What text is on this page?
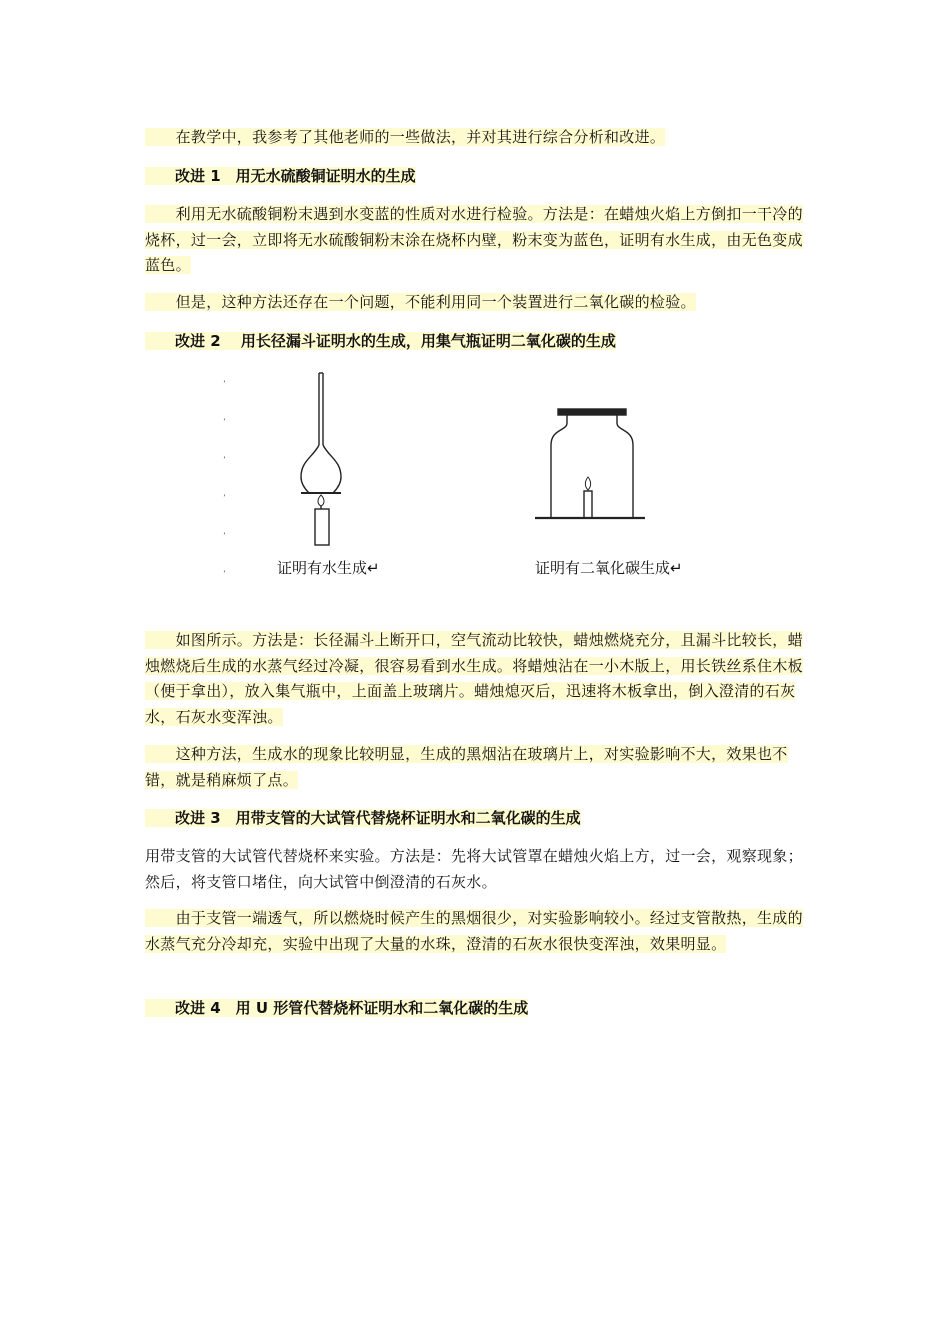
　　在教学中，我参考了其他老师的一些做法，并对其进行综合分析和改进。
　　改进 1　用无水硫酸铜证明水的生成
　　利用无水硫酸铜粉末遇到水变蓝的性质对水进行检验。方法是：在蜡烛火焰上方倒扣一干冷的烧杯，过一会，立即将无水硫酸铜粉末涂在烧杯内壁，粉末变为蓝色，证明有水生成，由无色变成蓝色。
　　但是，这种方法还存在一个问题，不能利用同一个装置进行二氧化碳的检验。
　　改进 2　 用长径漏斗证明水的生成，用集气瓶证明二氧化碳的生成
ʼ
ʼ
ʼ
ʼ
ʼ
ʼ	证明有水生成↵	证明有二氧化碳生成↵
　　如图所示。方法是：长径漏斗上断开口，空气流动比较快，蜡烛燃烧充分，且漏斗比较长，蜡烛燃烧后生成的水蒸气经过冷凝，很容易看到水生成。将蜡烛沾在一小木版上，用长铁丝系住木板（便于拿出），放入集气瓶中，上面盖上玻璃片。蜡烛熄灭后，迅速将木板拿出，倒入澄清的石灰水，石灰水变浑浊。
　　这种方法，生成水的现象比较明显，生成的黑烟沾在玻璃片上，对实验影响不大，效果也不错，就是稍麻烦了点。
　　改进 3　用带支管的大试管代替烧杯证明水和二氧化碳的生成
用带支管的大试管代替烧杯来实验。方法是：先将大试管罩在蜡烛火焰上方，过一会，观察现象；然后，将支管口堵住，向大试管中倒澄清的石灰水。
　　由于支管一端透气，所以燃烧时候产生的黑烟很少，对实验影响较小。经过支管散热，生成的水蒸气充分冷却充，实验中出现了大量的水珠，澄清的石灰水很快变浑浊，效果明显。
　　改进 4　用 U 形管代替烧杯证明水和二氧化碳的生成
